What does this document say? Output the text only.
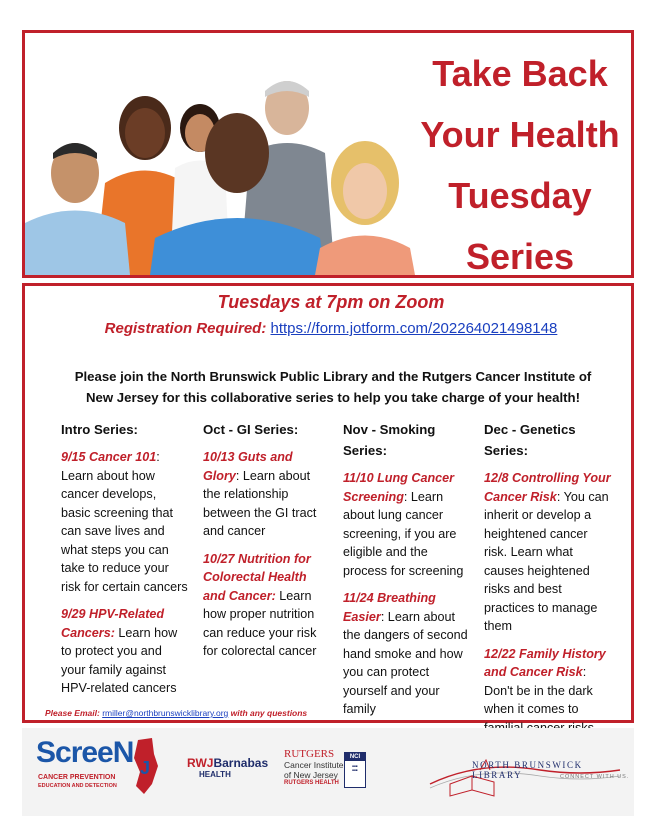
Take Back
Your Health
Tuesday
Series
Tuesdays at 7pm on Zoom
Registration Required: https://form.jotform.com/202264021498148
Please join the North Brunswick Public Library and the Rutgers Cancer Institute of New Jersey for this collaborative series to help you take charge of your health!
Intro Series:
9/15 Cancer 101: Learn about how cancer develops, basic screening that can save lives and what steps you can take to reduce your risk for certain cancers
9/29 HPV-Related Cancers: Learn how to protect you and your family against HPV-related cancers
Oct - GI Series:
10/13 Guts and Glory: Learn about the relationship between the GI tract and cancer
10/27 Nutrition for Colorectal Health and Cancer: Learn how proper nutrition can reduce your risk for colorectal cancer
Nov - Smoking Series:
11/10 Lung Cancer Screening: Learn about lung cancer screening, if you are eligible and the process for screening
11/24 Breathing Easier: Learn about the dangers of second hand smoke and how you can protect yourself and your family
Dec - Genetics Series:
12/8 Controlling Your Cancer Risk: You can inherit or develop a heightened cancer risk. Learn what causes heightened risks and best practices to manage them
12/22 Family History and Cancer Risk: Don't be in the dark when it comes to
Please Email: rmiller@northbrunswicklibrary.org with any questions
ScreeN J
CANCER PREVENTION
EDUCATION AND DETECTION
RWJBarnabas
HEALTH
RUTGERS
Cancer Institute
of New Jersey
RUTGERS HEALTH
NCI
■■■
■■■	NORTH BRUNSWICK LIBRARY	CONNECT WITH US.
